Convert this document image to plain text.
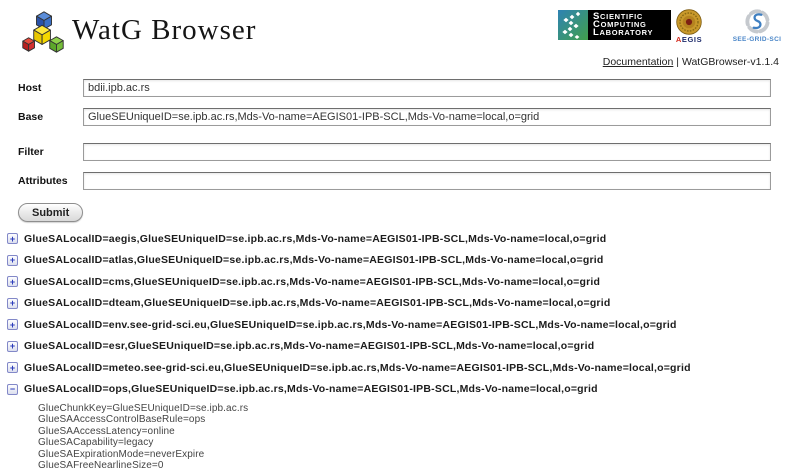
WatG Browser	SCIENTIFIC
COMPUTING
LABORATORY
AEGIS	SEE-GRID-SCI
Documentation | WatGBrowser-v1.1.4
Host
bdii.ipb.ac.rs
Base
GlueSEUniqueID=se.ipb.ac.rs,Mds-Vo-name=AEGIS01-IPB-SCL,Mds-Vo-name=local,o=grid
Filter
Attributes
Submit
+ GlueSALocalID=aegis,GlueSEUniqueID=se.ipb.ac.rs,Mds-Vo-name=AEGIS01-IPB-SCL,Mds-Vo-name=local,o=grid
+ GlueSALocalID=atlas,GlueSEUniqueID=se.ipb.ac.rs,Mds-Vo-name=AEGIS01-IPB-SCL,Mds-Vo-name=local,o=grid
+ GlueSALocalID=cms,GlueSEUniqueID=se.ipb.ac.rs,Mds-Vo-name=AEGIS01-IPB-SCL,Mds-Vo-name=local,o=grid
+ GlueSALocalID=dteam,GlueSEUniqueID=se.ipb.ac.rs,Mds-Vo-name=AEGIS01-IPB-SCL,Mds-Vo-name=local,o=grid
+ GlueSALocalID=env.see-grid-sci.eu,GlueSEUniqueID=se.ipb.ac.rs,Mds-Vo-name=AEGIS01-IPB-SCL,Mds-Vo-name=local,o=grid
+ GlueSALocalID=esr,GlueSEUniqueID=se.ipb.ac.rs,Mds-Vo-name=AEGIS01-IPB-SCL,Mds-Vo-name=local,o=grid
+ GlueSALocalID=meteo.see-grid-sci.eu,GlueSEUniqueID=se.ipb.ac.rs,Mds-Vo-name=AEGIS01-IPB-SCL,Mds-Vo-name=local,o=grid
− GlueSALocalID=ops,GlueSEUniqueID=se.ipb.ac.rs,Mds-Vo-name=AEGIS01-IPB-SCL,Mds-Vo-name=local,o=grid
GlueChunkKey=GlueSEUniqueID=se.ipb.ac.rs
GlueSAAccessControlBaseRule=ops
GlueSAAccessLatency=online
GlueSACapability=legacy
GlueSAExpirationMode=neverExpire
GlueSAFreeNearlineSize=0
